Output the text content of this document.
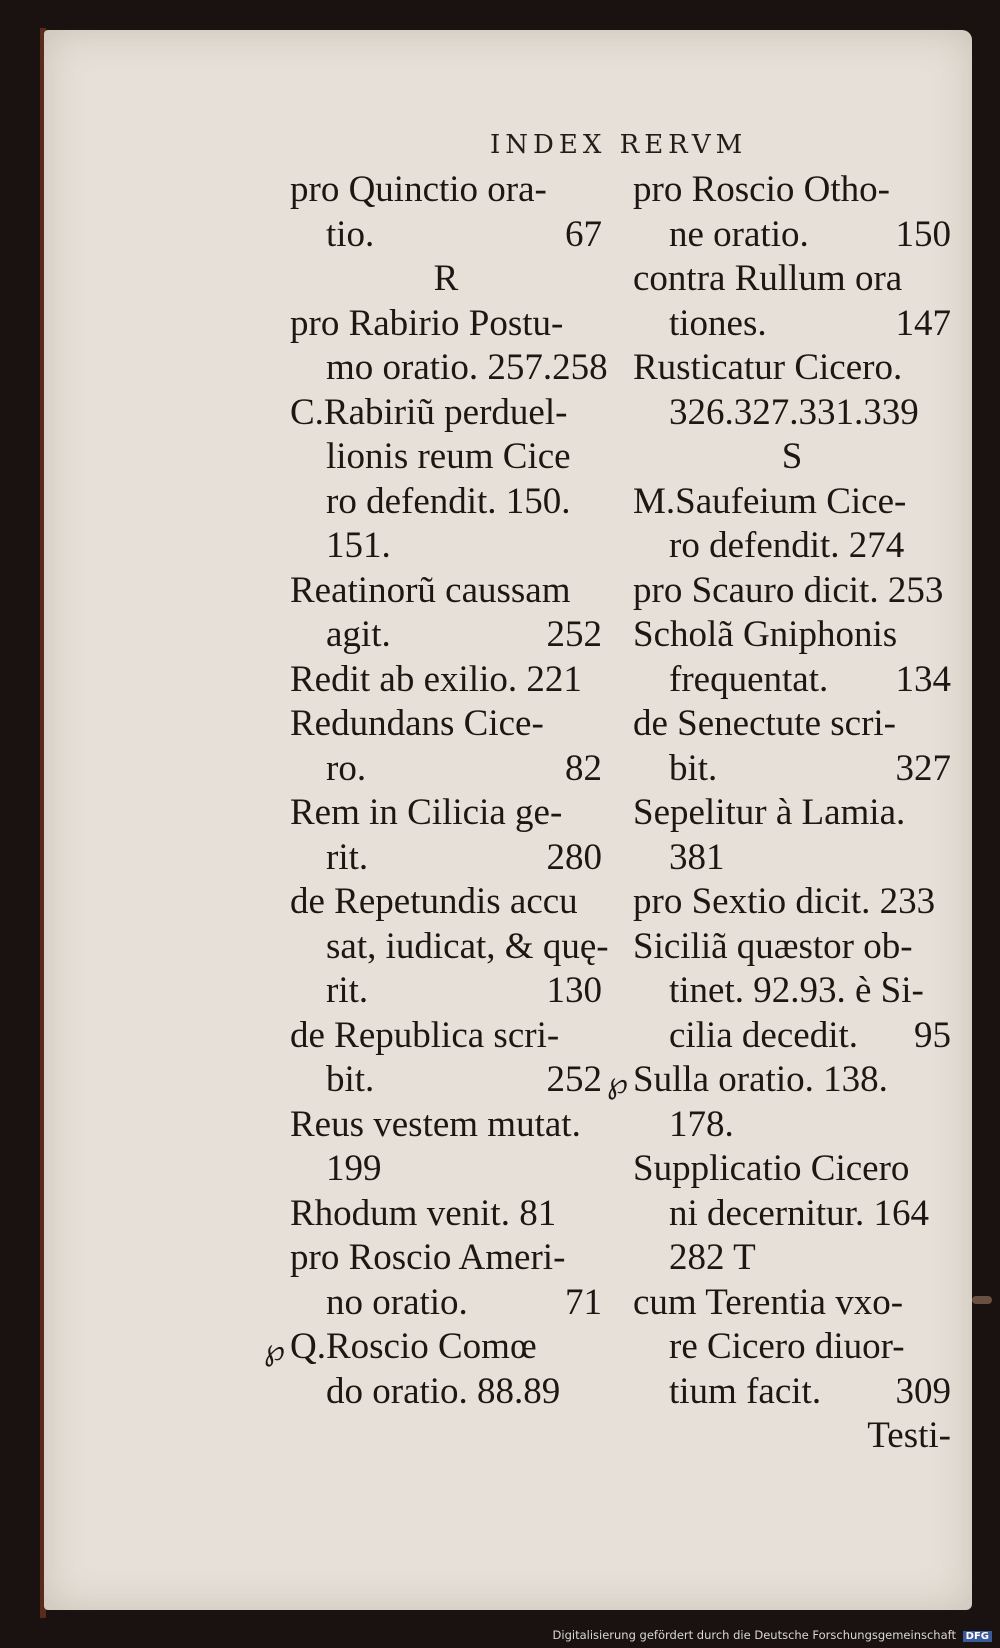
INDEX RERVM
pro Quinctio ora-
tio.	67
R
pro Rabirio Postu-
mo oratio. 257.258
C.Rabiriũ perduel-
lionis reum Cice
ro defendit. 150.
151.
Reatinorũ caussam
agit.	252
Redit ab exilio. 221
Redundans Cice-
ro.	82
Rem in Cilicia ge-
rit.	280
de Repetundis accu
sat, iudicat, & quę-
rit.	130
de Republica scri-
bit.	252
Reus vestem mutat.
199
Rhodum venit. 81
pro Roscio Ameri-
no oratio.	71
℘ Q.Roscio Comœ
do oratio. 88.89
pro Roscio Otho-
ne oratio. 150
contra Rullum ora
tiones.	147
Rusticatur Cicero.
326.327.331.339
S
M.Saufeium Cice-
ro defendit. 274
pro Scauro dicit. 253
Scholã Gniphonis
frequentat. 134
de Senectute scri-
bit.	327
Sepelitur à Lamia.
381
pro Sextio dicit. 233
Siciliã quæstor ob-
tinet. 92.93. è Si-
cilia decedit. 95
℘ Sulla oratio. 138.
178.
Supplicatio Cicero
ni decernitur. 164
282 T
cum Terentia vxo-
re Cicero diuor-
tium facit. 309
Testi-
Digitalisierung gefördert durch die Deutsche Forschungsgemeinschaft DFG
